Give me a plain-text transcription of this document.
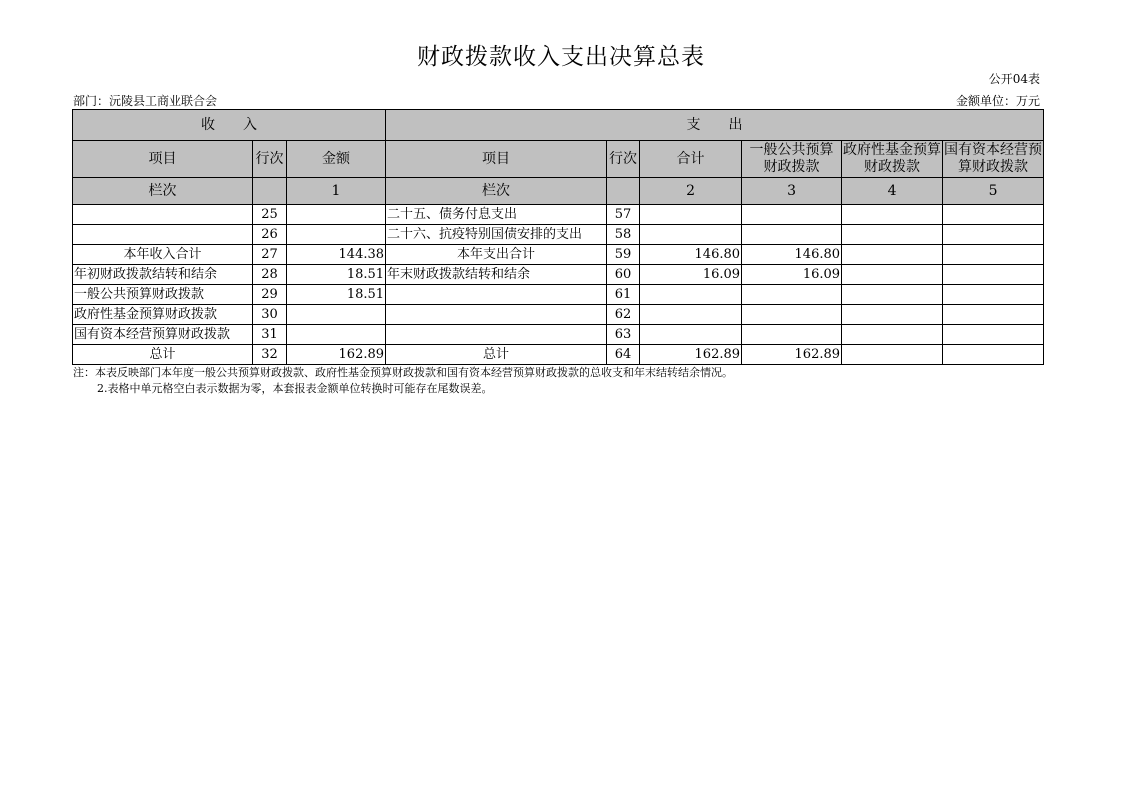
财政拨款收入支出决算总表
公开04表
部门：沅陵县工商业联合会	金额单位：万元
收　　入			支　　出					
项目	行次	金额	项目	行次	合计	一般公共预算财政拨款	政府性基金预算财政拨款	国有资本经营预算财政拨款
栏次		1	栏次		2	3	4	5
	25		二十五、债务付息支出	57				
	26		二十六、抗疫特别国债安排的支出	58				
本年收入合计	27	144.38	本年支出合计	59	146.80	146.80		
年初财政拨款结转和结余	28	18.51	年末财政拨款结转和结余	60	16.09	16.09		
一般公共预算财政拨款	29	18.51		61				
政府性基金预算财政拨款	30			62				
国有资本经营预算财政拨款	31			63				
总计	32	162.89	总计	64	162.89	162.89		
注：本表反映部门本年度一般公共预算财政拨款、政府性基金预算财政拨款和国有资本经营预算财政拨款的总收支和年末结转结余情况。
2.表格中单元格空白表示数据为零，本套报表金额单位转换时可能存在尾数误差。
